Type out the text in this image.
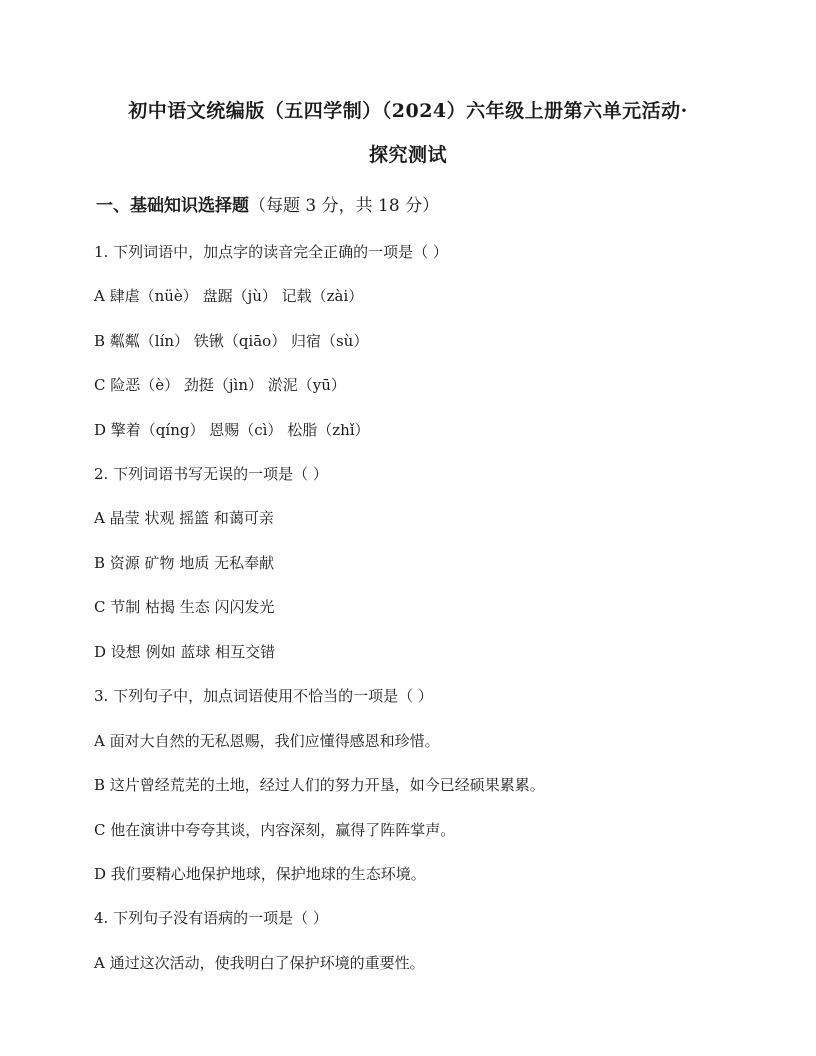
初中语文统编版（五四学制）（2024）六年级上册第六单元活动·
探究测试
一、基础知识选择题（每题 3 分，共 18 分）
1. 下列词语中，加点字的读音完全正确的一项是（ ）
A 肆虐（nüè） 盘踞（jù） 记载（zài）
B 粼粼（lín） 铁锹（qiāo） 归宿（sù）
C 险恶（è） 劲挺（jìn） 淤泥（yū）
D 擎着（qíng） 恩赐（cì） 松脂（zhǐ）
2. 下列词语书写无误的一项是（ ）
A 晶莹 状观 摇篮 和蔼可亲
B 资源 矿物 地质 无私奉献
C 节制 枯揭 生态 闪闪发光
D 设想 例如 蓝球 相互交错
3. 下列句子中，加点词语使用不恰当的一项是（ ）
A 面对大自然的无私恩赐，我们应懂得感恩和珍惜。
B 这片曾经荒芜的土地，经过人们的努力开垦，如今已经硕果累累。
C 他在演讲中夸夸其谈，内容深刻，赢得了阵阵掌声。
D 我们要精心地保护地球，保护地球的生态环境。
4. 下列句子没有语病的一项是（ ）
A 通过这次活动，使我明白了保护环境的重要性。
